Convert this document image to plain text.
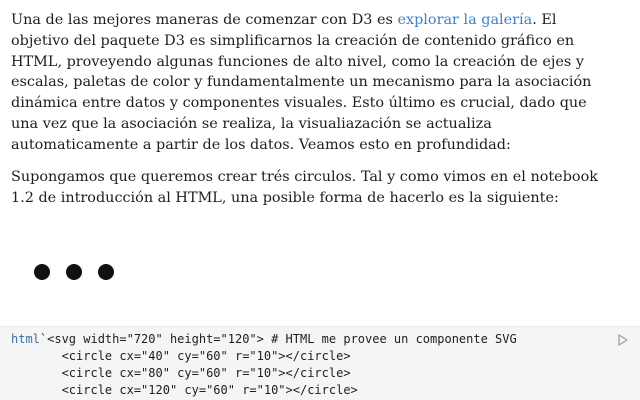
Una de las mejores maneras de comenzar con D3 es explorar la galería. El objetivo del paquete D3 es simplificarnos la creación de contenido gráfico en HTML, proveyendo algunas funciones de alto nivel, como la creación de ejes y escalas, paletas de color y fundamentalmente un mecanismo para la asociación dinámica entre datos y componentes visuales. Esto último es crucial, dado que una vez que la asociación se realiza, la visualiazación se actualiza automaticamente a partir de los datos. Veamos esto en profundidad:

Supongamos que queremos crear trés circulos. Tal y como vimos en el notebook 1.2 de introducción al HTML, una posible forma de hacerlo es la siguiente:

html`<svg width="720" height="120"> # HTML me provee un componente SVG
<circle cx="40" cy="60" r="10"></circle>
<circle cx="80" cy="60" r="10"></circle>
<circle cx="120" cy="60" r="10"></circle>
